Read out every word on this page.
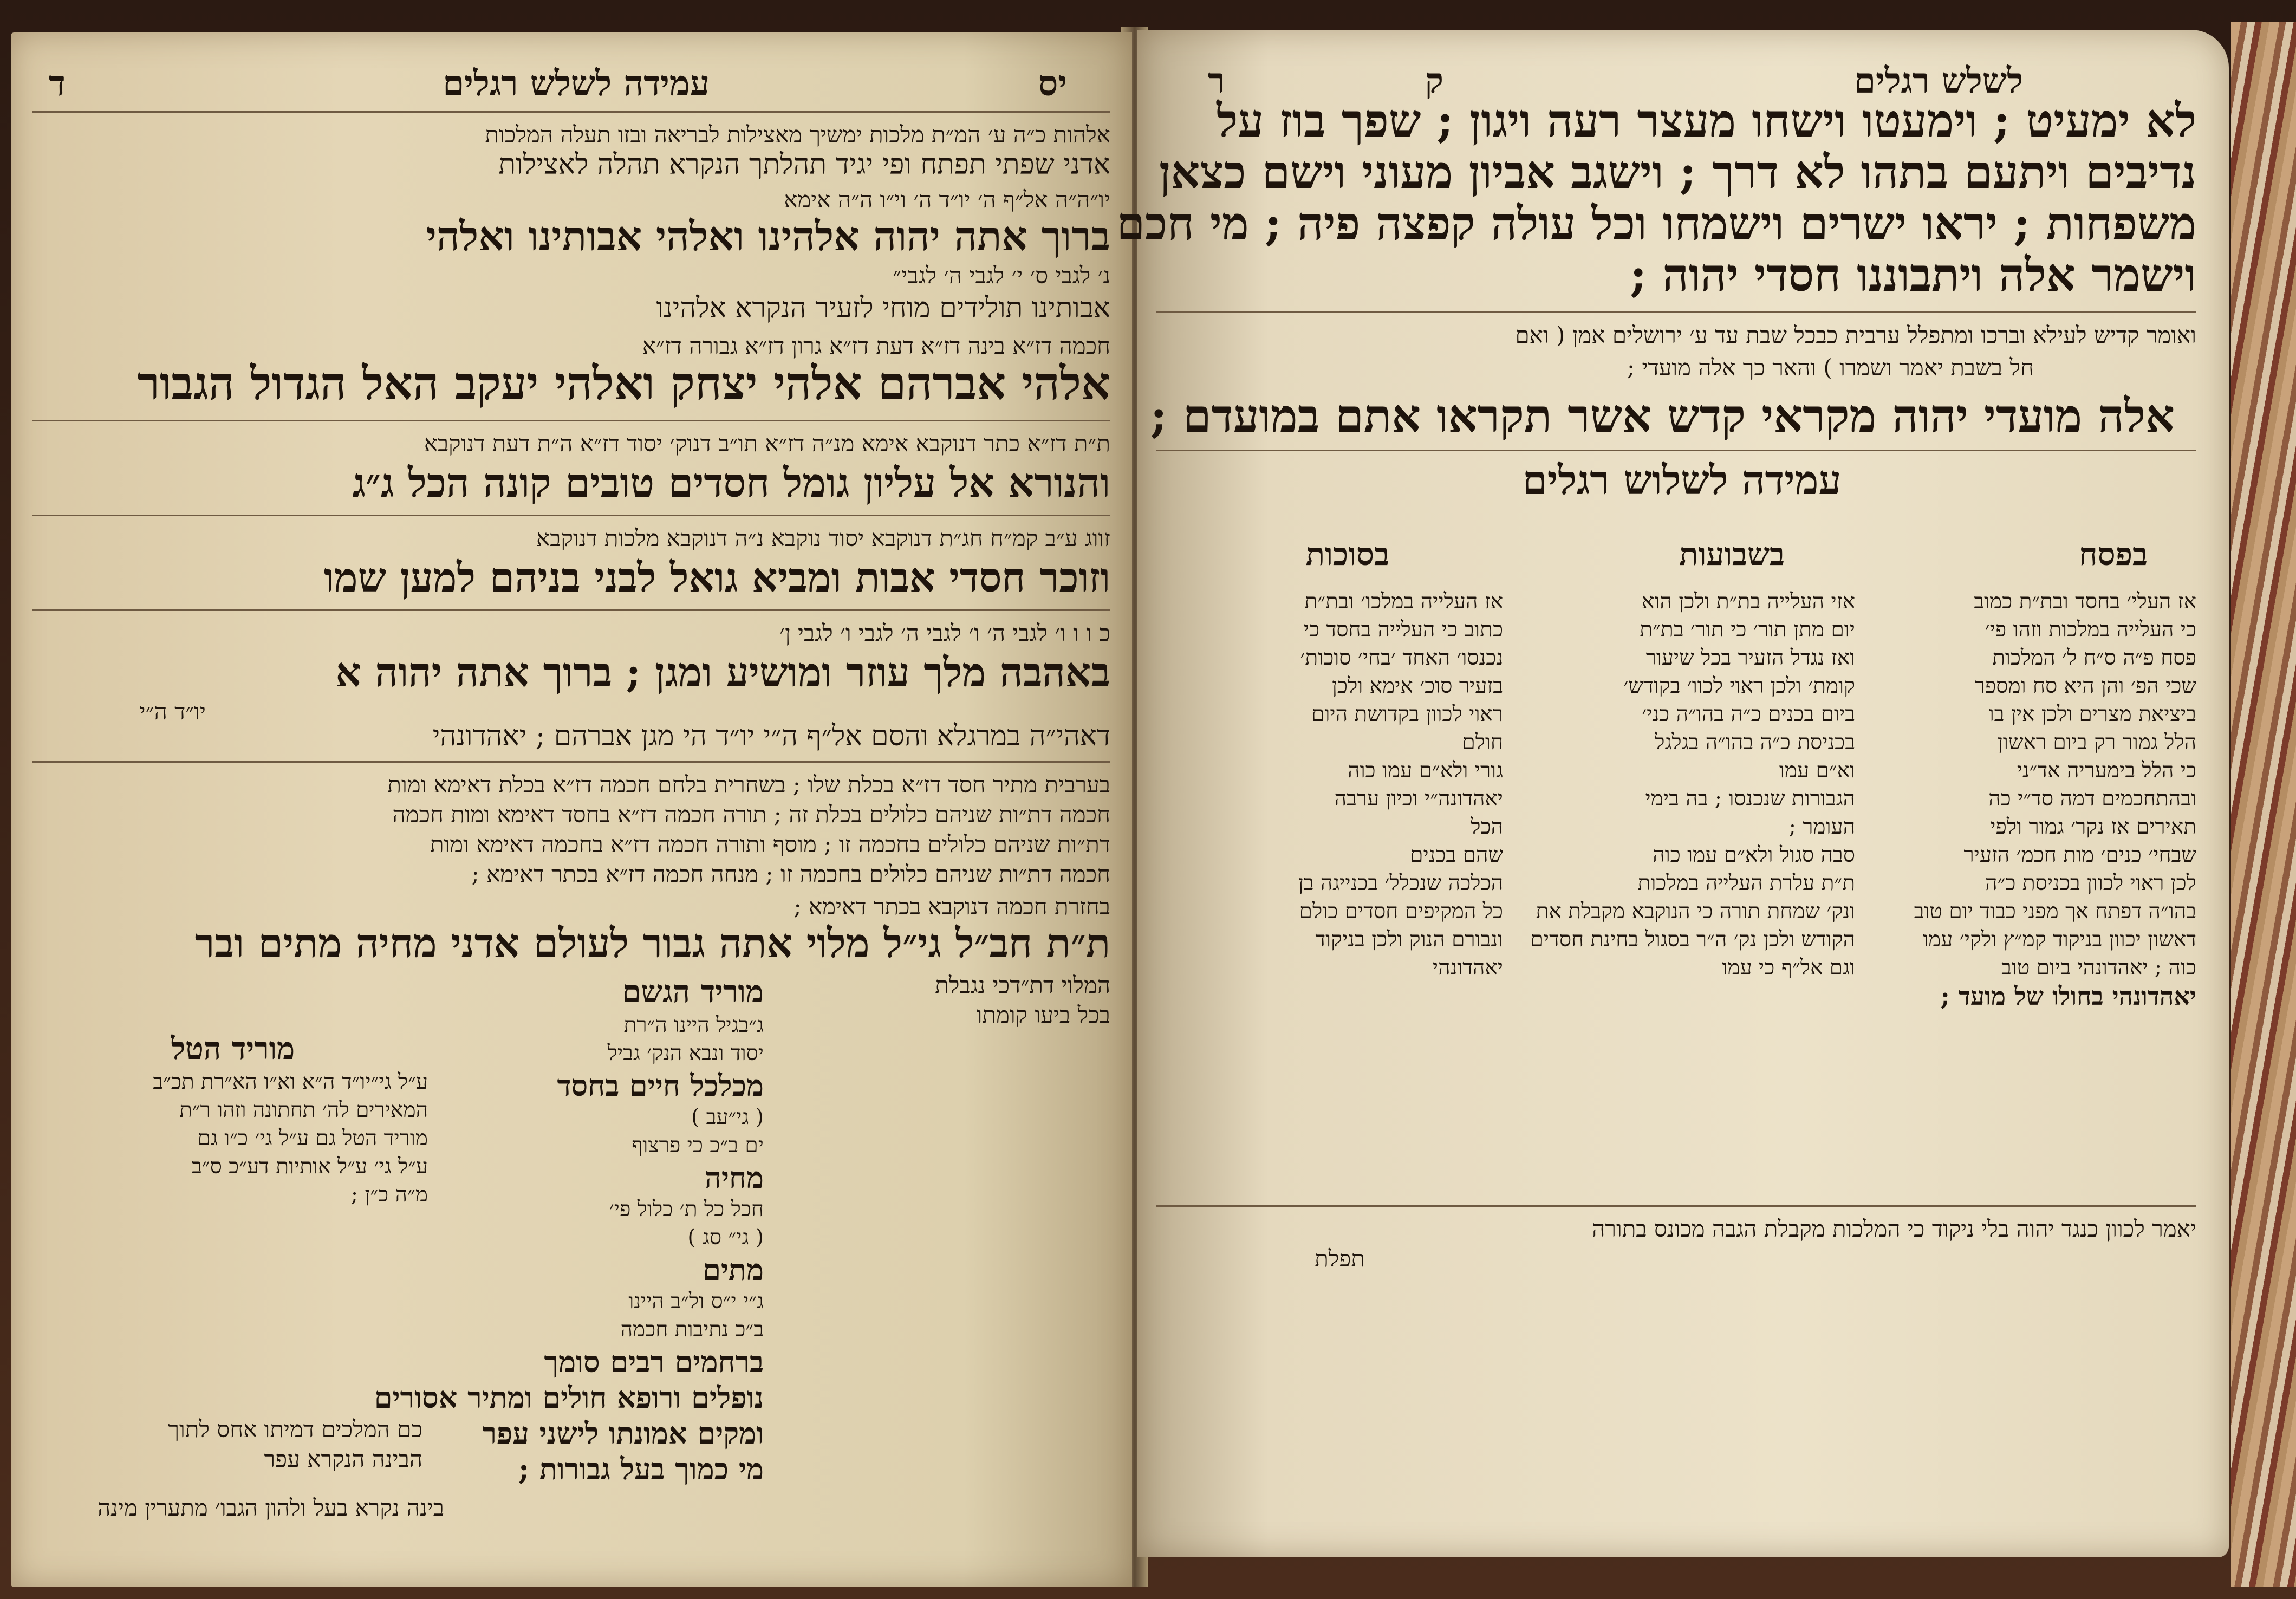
עמידה לשלש רגלים	יס
ד
אלהות כ״ה ע׳ המ״ת מלכות ימשיך מאצילות לבריאה ובזו תעלה המלכות
אדני שפתי תפתח ופי יגיד תהלתך הנקרא תהלה לאצילות
יו״ה״ה אל״ף ה׳ יו״ד ה׳ וי״ו ה״ה אימא
ברוך אתה יהוה אלהינו ואלהי אבותינו ואלהי
נ׳ לגבי ס׳ י׳ לגבי ה׳ לגבי״
אבותינו תולידים מוחי לזעיר הנקרא אלהינו
חכמה דז״א בינה דז״א דעת דז״א גרון דז״א גבורה דז״א
אלהי אברהם אלהי יצחק ואלהי יעקב האל הגדול הגבור
ת״ת דז״א כתר דנוקבא אימא מנ״ה דז״א תו״ב דנוק׳ יסוד דז״א ה״ת דעת דנוקבא
והנורא אל עליון גומל חסדים טובים קונה הכל ג״ג
זווג ע״ב קמ״ח חג״ת דנוקבא יסוד נוקבא נ״ה דנוקבא מלכות דנוקבא
וזוכר חסדי אבות ומביא גואל לבני בניהם למען שמו
כ ו ו ו׳ לגבי ה׳ ו׳ לגבי ה׳ לגבי ו׳ לגבי ן׳
באהבה מלך עוזר ומושיע ומגן ; ברוך אתה יהוה א
יו״ד ה״י
דאהי״ה במרגלא והסם אל״ף ה״י יו״ד הי מגן אברהם ; יאהדונהי
בערבית מתיר חסד דז״א בכלת שלו ; בשחרית בלחם חכמה דז״א בכלת דאימא ומות
חכמה דת״ות שניהם כלולים בכלת זה ; תורה חכמה דז״א בחסד דאימא ומות חכמה
דת״ות שניהם כלולים בחכמה זו ; מוסף ותורה חכמה דז״א בחכמה דאימא ומות
חכמה דת״ות שניהם כלולים בחכמה זו ; מנחה חכמה דז״א בכתר דאימא ;
בחזרת חכמה דנוקבא בכתר דאימא ;
ת״ת חב״ל גי״ל מלוי אתה גבור לעולם אדני מחיה מתים ובר
המלוי דת״דכי נגבלת
בכל ביעו קומתו
מוריד הגשם
ג״בגיל היינו ה״רת
יסוד ונבא הנק׳ גביל
מכלכל חיים בחסד
( גי״עב )
ים ב״כ כי פרצוף
מחיה
חכל כל ת׳ כלול פי׳
( גי״ סג )
מתים
ג״י י״ס ול״ב היינו
ב״כ נתיבות חכמה
ברחמים רבים סומך
נופלים ורופא חולים ומתיר אסורים
ומקים אמונתו לישני עפר
מי כמוך בעל גבורות ;
מוריד הטל
ע״ל גי״יו״ד ה״א וא״ו הא״רת תכ״ב
המאירים לה׳ תחתונה וזהו ר״ת
מוריד הטל גם ע״ל גי׳ כ״ו גם
ע״ל גי׳ ע״ל אותיות דע״כ ס״ב
מ״ה כ״ן ;
כם המלכים דמיתו אחס לתוך
הבינה הנקרא עפר
בינה נקרא בעל ולהון הגבו׳ מתערין מינה
לשלש רגלים
ק
ר
לא ימעיט ; וימעטו וישחו מעצר רעה ויגון ; שפך בוז על
נדיבים ויתעם בתהו לא דרך ; וישגב אביון מעוני וישם כצאן
משפחות ; יראו ישרים וישמחו וכל עולה קפצה פיה ; מי חכם
וישמר אלה ויתבוננו חסדי יהוה ;
ואומר קדיש לעילא וברכו ומתפלל ערבית כבכל שבת עד ע׳ ירושלים אמן ( ואם
חל בשבת יאמר ושמרו ) והאר כך אלה מועדי ;
אלה מועדי יהוה מקראי קדש אשר תקראו אתם במועדם ;
עמידה לשלוש רגלים
בפסח
בשבועות
בסוכות
אז העלי׳ בחסד ובת״ת כמוב
כי העלייה במלכות וזהו פי׳
פסח פ״ה ס״ח ל׳ המלכות
שכי הפ׳ והן היא סח ומספר
ביציאת מצרים ולכן אין בו
הלל גמור רק ביום ראשון
כי הלל בימעריה אד״ני
ובהתחכמים דמה סד״י כה
תאירים אז נקר׳ גמור ולפי
שבחי׳ כנים׳ מות חכמ׳ הזעיר
לכן ראוי לכוון בכניסת כ״ה
בהו״ה דפתח אך מפני כבוד יום טוב
דאשון יכוון בניקוד קמ״ץ ולקי׳ עמו
כוה ; יאהדונהי ביום טוב
יאהדונהי בחולו של מועד ;
אזי העלייה בת״ת ולכן הוא
יום מתן תור׳ כי תור׳ בת״ת
ואז נגדל הזעיר בכל שיעור
קומת׳ ולכן ראוי לכוו׳ בקודש׳
ביום בכנים כ״ה בהו״ה כני׳
בכניסת כ״ה בהו״ה בגלגל
וא״ם עמו
הגבורות שנכנסו ; בה בימי
העומר ;
סבה סגול ולא״ם עמו כוה
ת״ת עלרת העלייה במלכות
ונק׳ שמחת תורה כי הנוקבא מקבלת את
הקודש ולכן נק׳ ה״ר בסגול בחינת חסדים
וגם אל״ף כי עמו
אז העלייה במלכו׳ ובת״ת
כתוב כי העלייה בחסד כי
נכנסו׳ האחד ׳בחי׳ סוכות׳
בזעיר סוכ׳ אימא ולכן
ראוי לכוון בקדושת היום
חולם
גורי ולא״ם עמו כוה
יאהדונה״י וכיון ערבה
הכל
שהם בכנים
הכלכה שנכלל׳ בכנייגה בן
כל המקיפים חסדים כולם
ונבורם הנוק ולכן בניקוד
יאהדונהי
יאמר לכוון כנגד יהוה בלי ניקוד כי המלכות מקבלת הגבה מכונס בתורה
תפלת
